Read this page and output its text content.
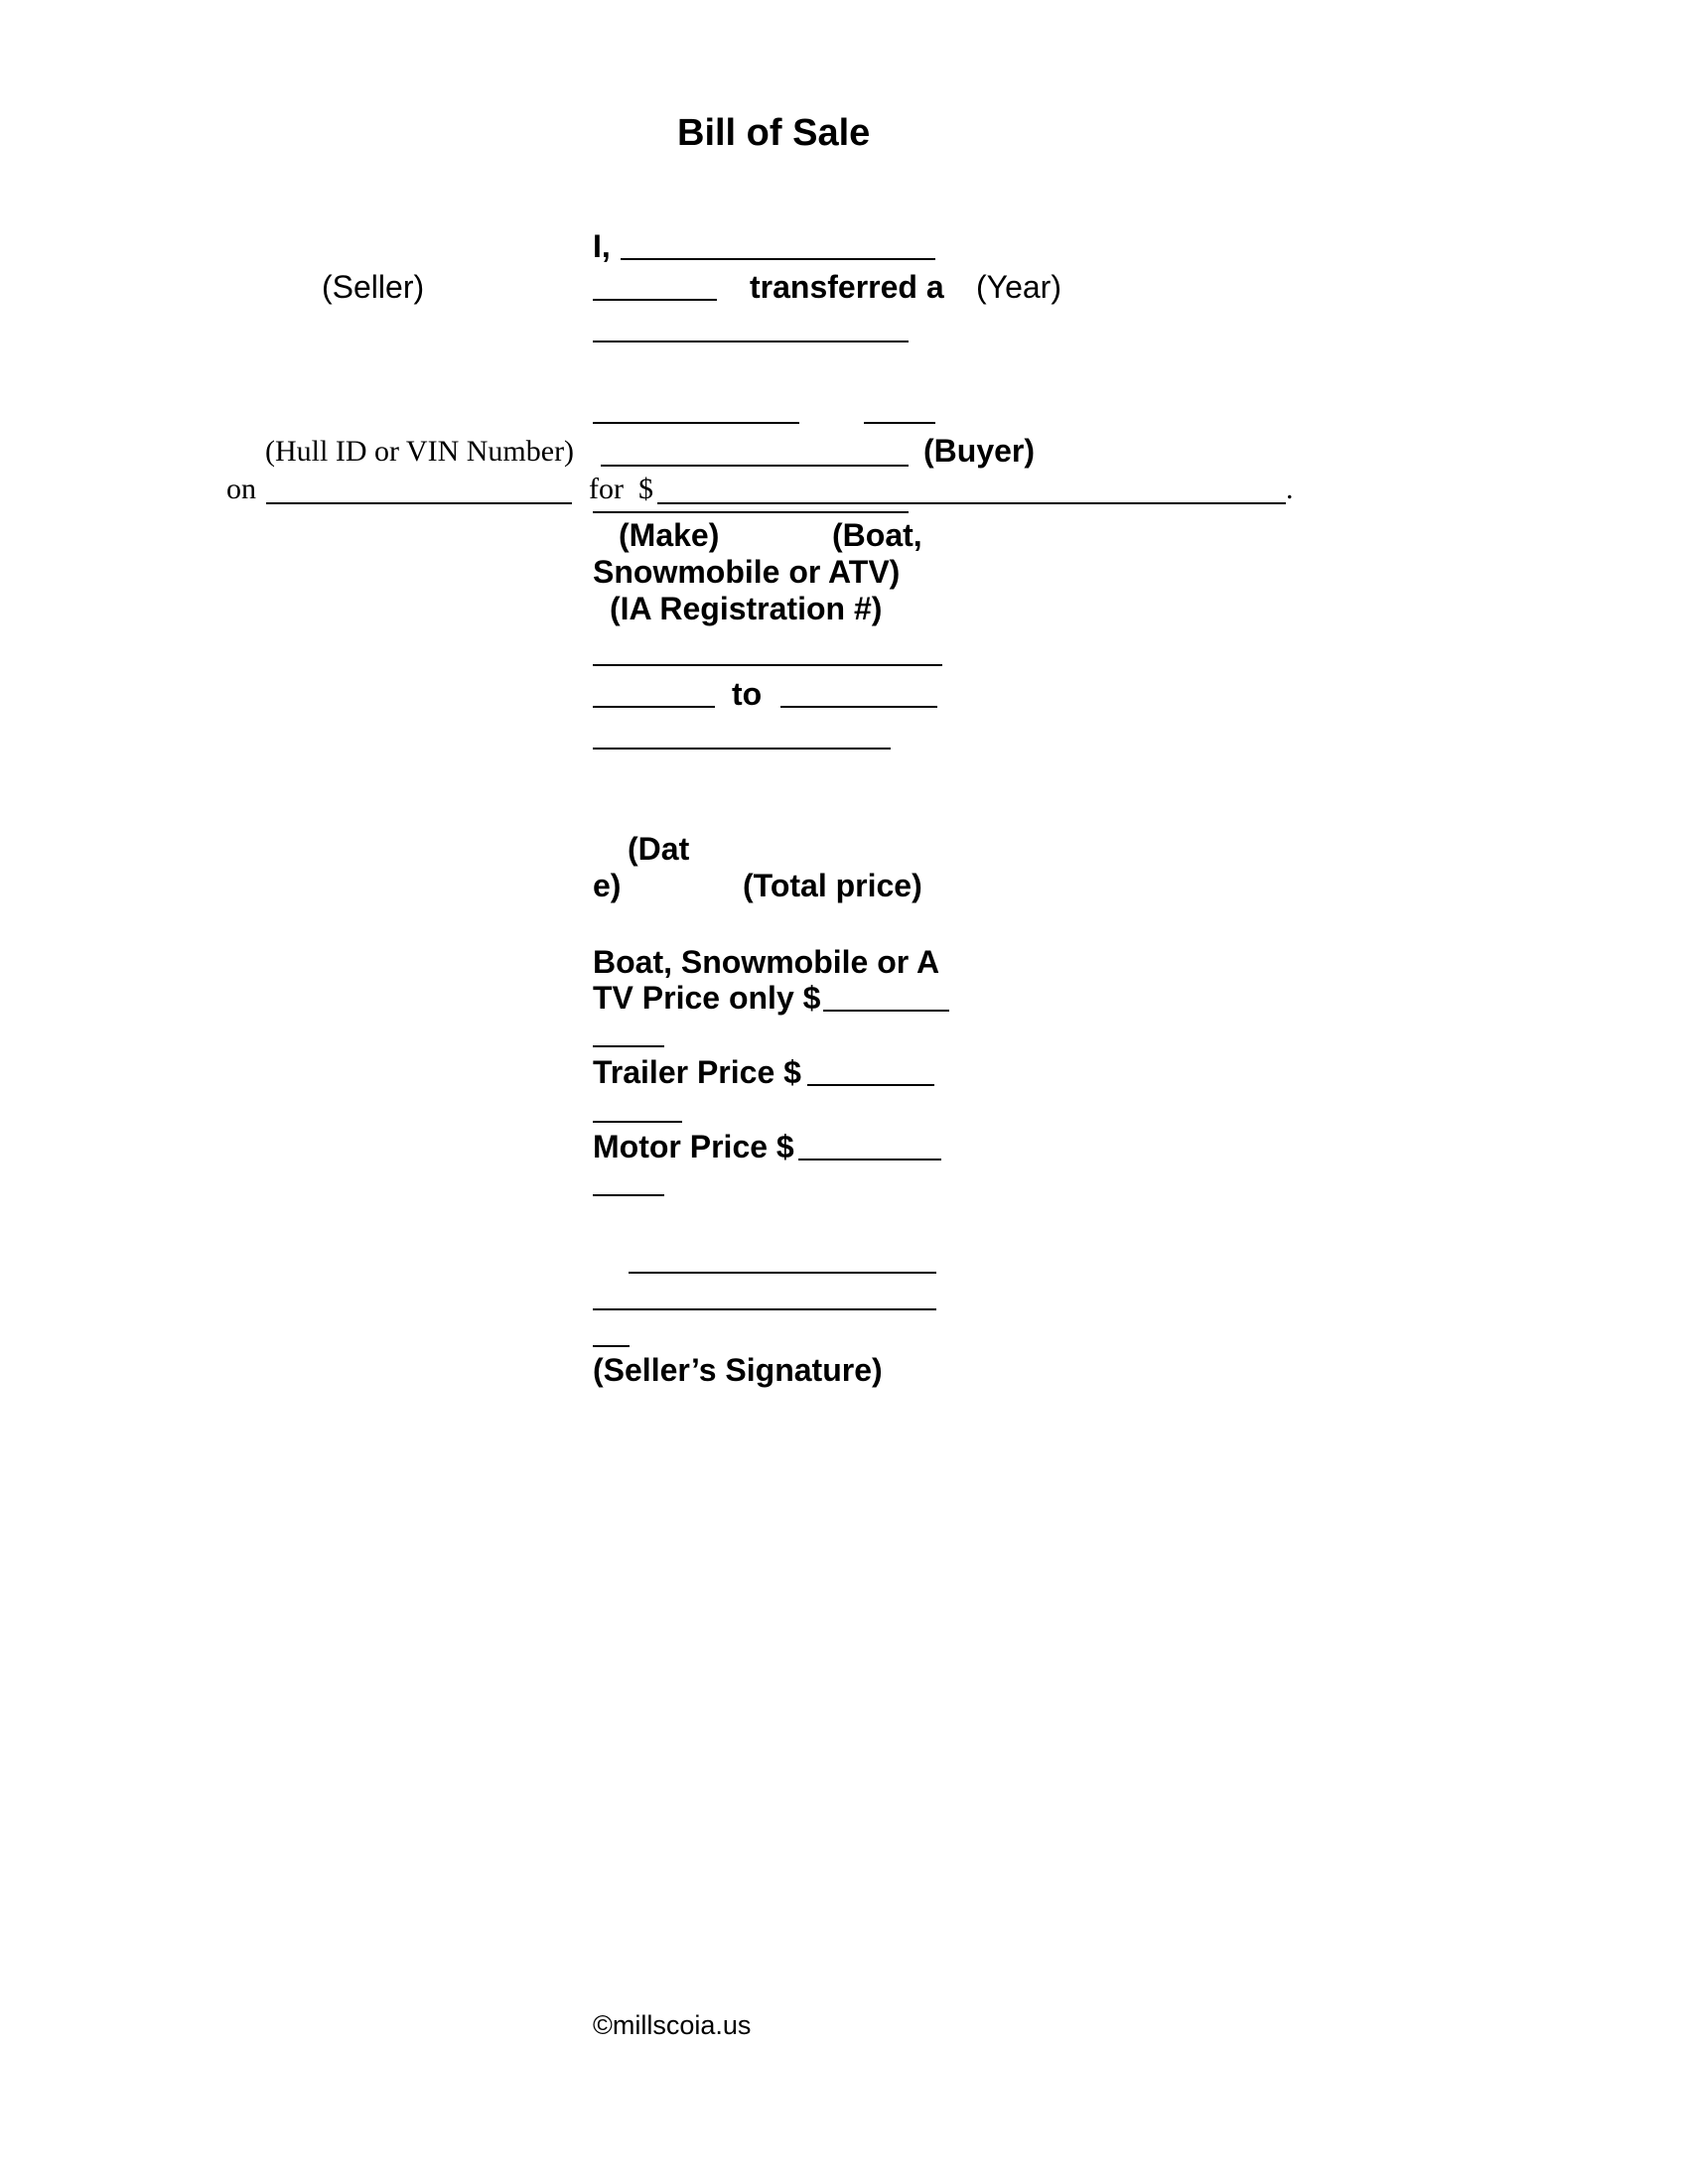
Bill of Sale
I,
(Seller)	transferred a (Year)
(Hull ID or VIN Number)	(Buyer)
on	for  $	.
(Make)	(Boat,
Snowmobile or ATV)
(IA Registration #)
to
(Dat
e)	(Total price)
Boat, Snowmobile or A
TV Price only $
Trailer Price $
Motor Price $
(Seller’s Signature)
©millscoia.us
